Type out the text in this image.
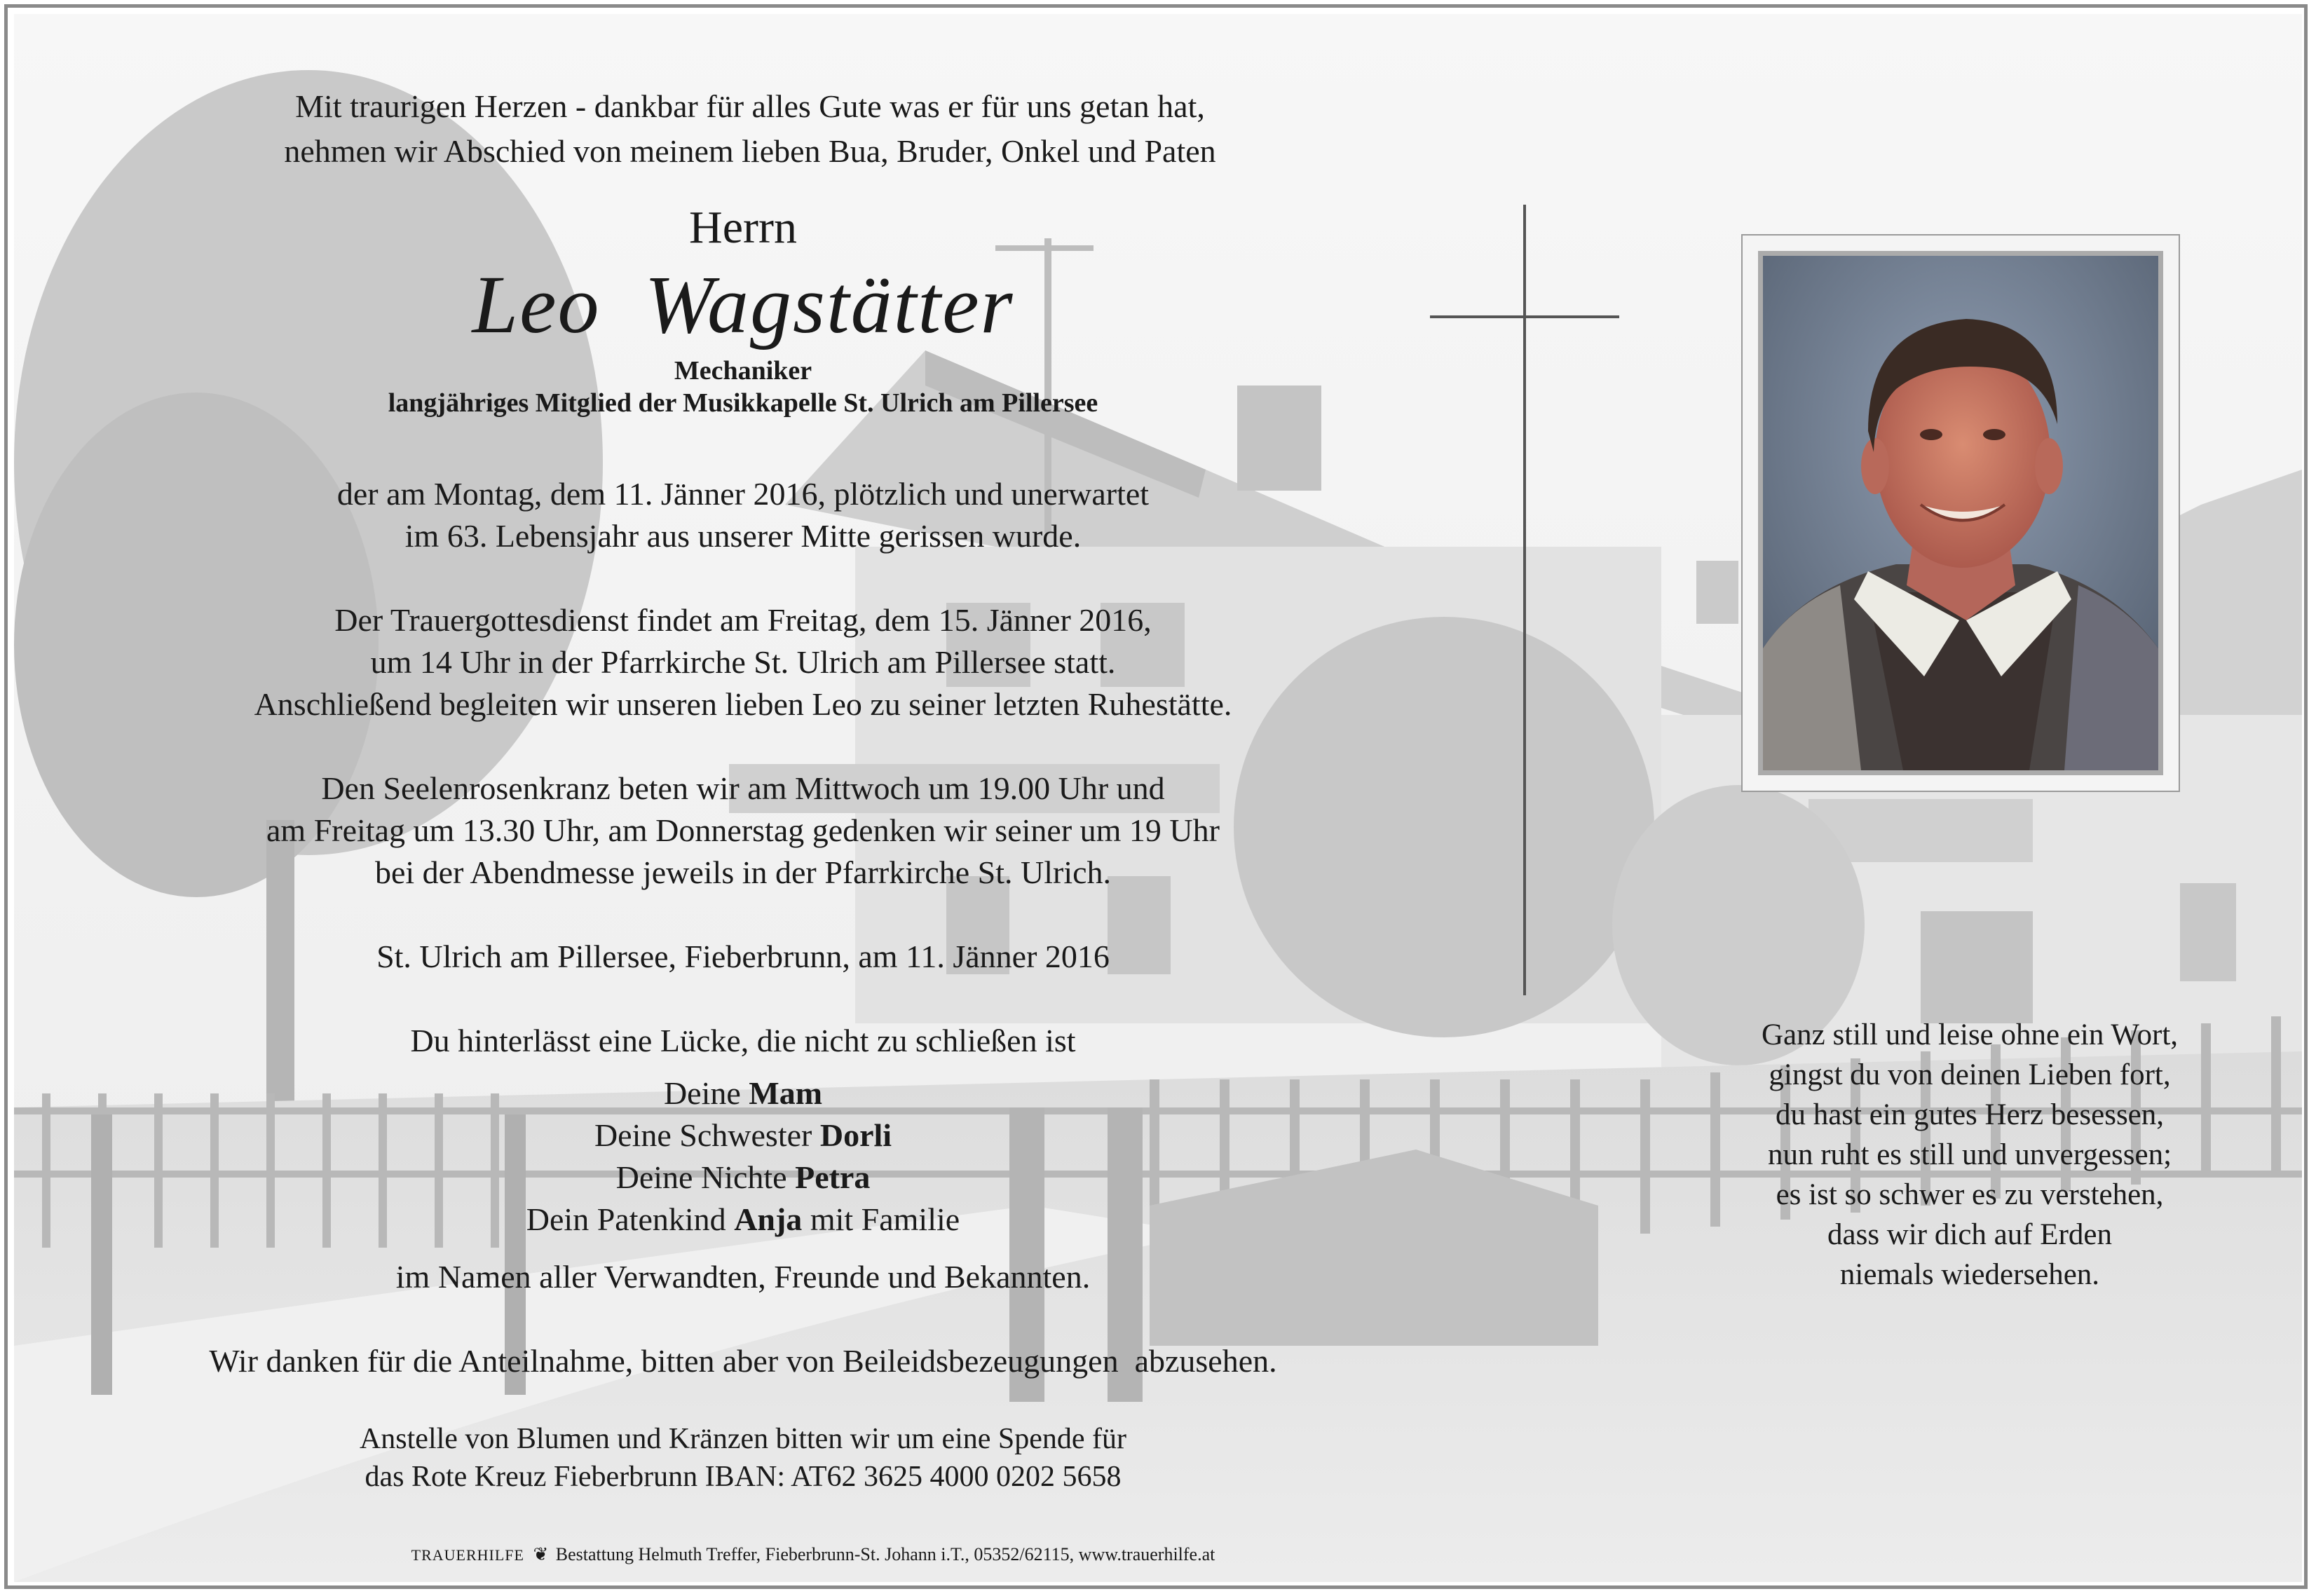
Mit traurigen Herzen - dankbar für alles Gute was er für uns getan hat,
nehmen wir Abschied von meinem lieben Bua, Bruder, Onkel und Paten
Herrn
Leo  Wagstätter
Mechaniker
langjähriges Mitglied der Musikkapelle St. Ulrich am Pillersee
der am Montag, dem 11. Jänner 2016, plötzlich und unerwartet
im 63. Lebensjahr aus unserer Mitte gerissen wurde.
Der Trauergottesdienst findet am Freitag, dem 15. Jänner 2016,
um 14 Uhr in der Pfarrkirche St. Ulrich am Pillersee statt.
Anschließend begleiten wir unseren lieben Leo zu seiner letzten Ruhestätte.
Den Seelenrosenkranz beten wir am Mittwoch um 19.00 Uhr und
am Freitag um 13.30 Uhr, am Donnerstag gedenken wir seiner um 19 Uhr
bei der Abendmesse jeweils in der Pfarrkirche St. Ulrich.
St. Ulrich am Pillersee, Fieberbrunn, am 11. Jänner 2016
Du hinterlässt eine Lücke, die nicht zu schließen ist
Deine Mam
Deine Schwester Dorli
Deine Nichte Petra
Dein Patenkind Anja mit Familie
im Namen aller Verwandten, Freunde und Bekannten.
Wir danken für die Anteilnahme, bitten aber von Beileidsbezeugungen  abzusehen.
Anstelle von Blumen und Kränzen bitten wir um eine Spende für
das Rote Kreuz Fieberbrunn IBAN: AT62 3625 4000 0202 5658
TRAUERHILFE ❦ Bestattung Helmuth Treffer, Fieberbrunn-St. Johann i.T., 05352/62115, www.trauerhilfe.at
Ganz still und leise ohne ein Wort,
gingst du von deinen Lieben fort,
du hast ein gutes Herz besessen,
nun ruht es still und unvergessen;
es ist so schwer es zu verstehen,
dass wir dich auf Erden
niemals wiedersehen.
